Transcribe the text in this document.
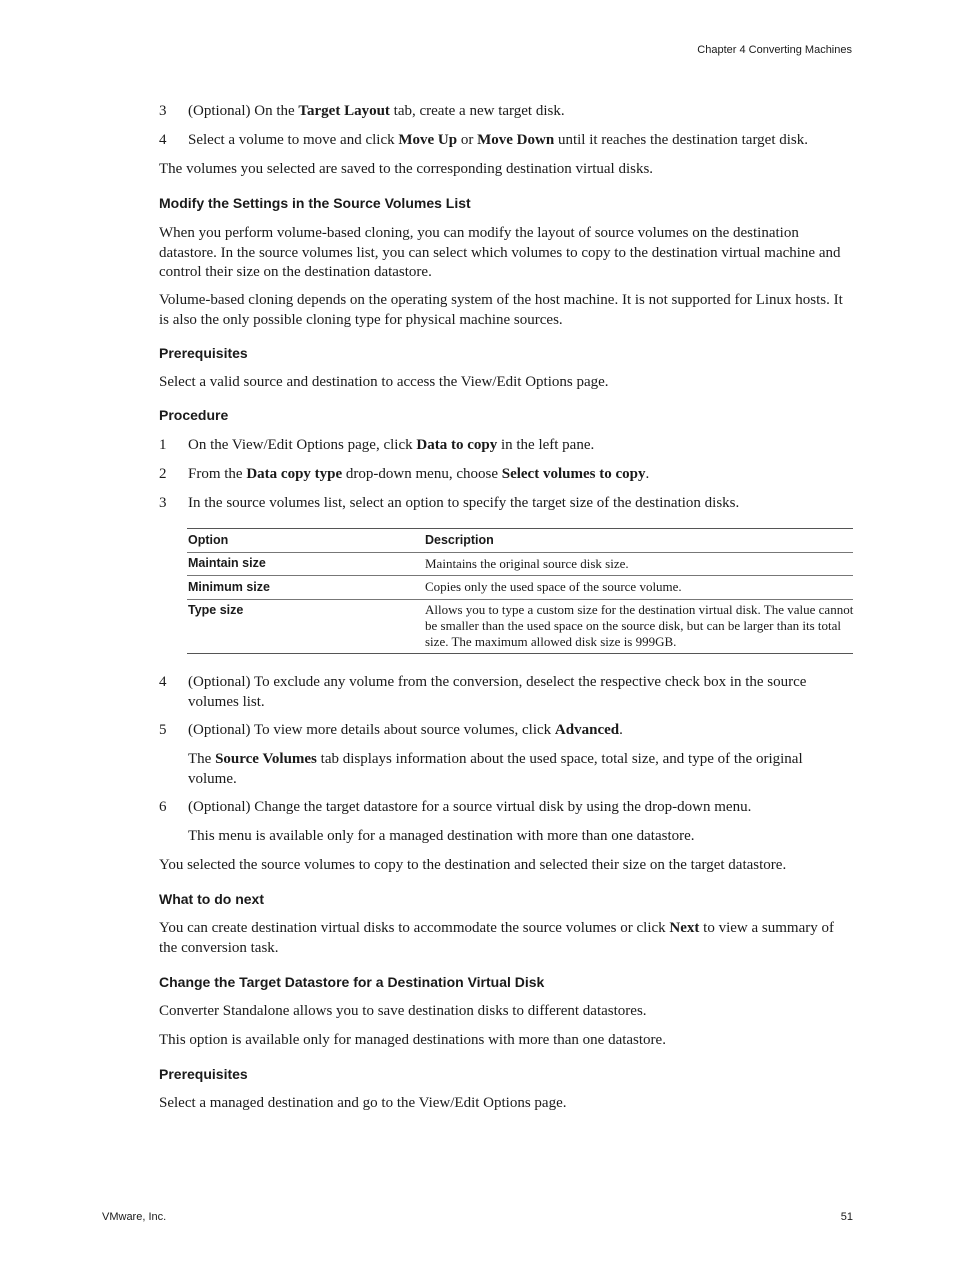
Chapter 4 Converting Machines
3 (Optional) On the Target Layout tab, create a new target disk.
4 Select a volume to move and click Move Up or Move Down until it reaches the destination target disk.
The volumes you selected are saved to the corresponding destination virtual disks.
Modify the Settings in the Source Volumes List
When you perform volume-based cloning, you can modify the layout of source volumes on the destination datastore. In the source volumes list, you can select which volumes to copy to the destination virtual machine and control their size on the destination datastore.
Volume-based cloning depends on the operating system of the host machine. It is not supported for Linux hosts. It is also the only possible cloning type for physical machine sources.
Prerequisites
Select a valid source and destination to access the View/Edit Options page.
Procedure
1 On the View/Edit Options page, click Data to copy in the left pane.
2 From the Data copy type drop-down menu, choose Select volumes to copy.
3 In the source volumes list, select an option to specify the target size of the destination disks.
Option	Description
Maintain size	Maintains the original source disk size.
Minimum size	Copies only the used space of the source volume.
Type size	Allows you to type a custom size for the destination virtual disk. The value cannot be smaller than the used space on the source disk, but can be larger than its total size. The maximum allowed disk size is 999GB.
4 (Optional) To exclude any volume from the conversion, deselect the respective check box in the source volumes list.
5 (Optional) To view more details about source volumes, click Advanced.
The Source Volumes tab displays information about the used space, total size, and type of the original volume.
6 (Optional) Change the target datastore for a source virtual disk by using the drop-down menu.
This menu is available only for a managed destination with more than one datastore.
You selected the source volumes to copy to the destination and selected their size on the target datastore.
What to do next
You can create destination virtual disks to accommodate the source volumes or click Next to view a summary of the conversion task.
Change the Target Datastore for a Destination Virtual Disk
Converter Standalone allows you to save destination disks to different datastores.
This option is available only for managed destinations with more than one datastore.
Prerequisites
Select a managed destination and go to the View/Edit Options page.
VMware, Inc.	51
